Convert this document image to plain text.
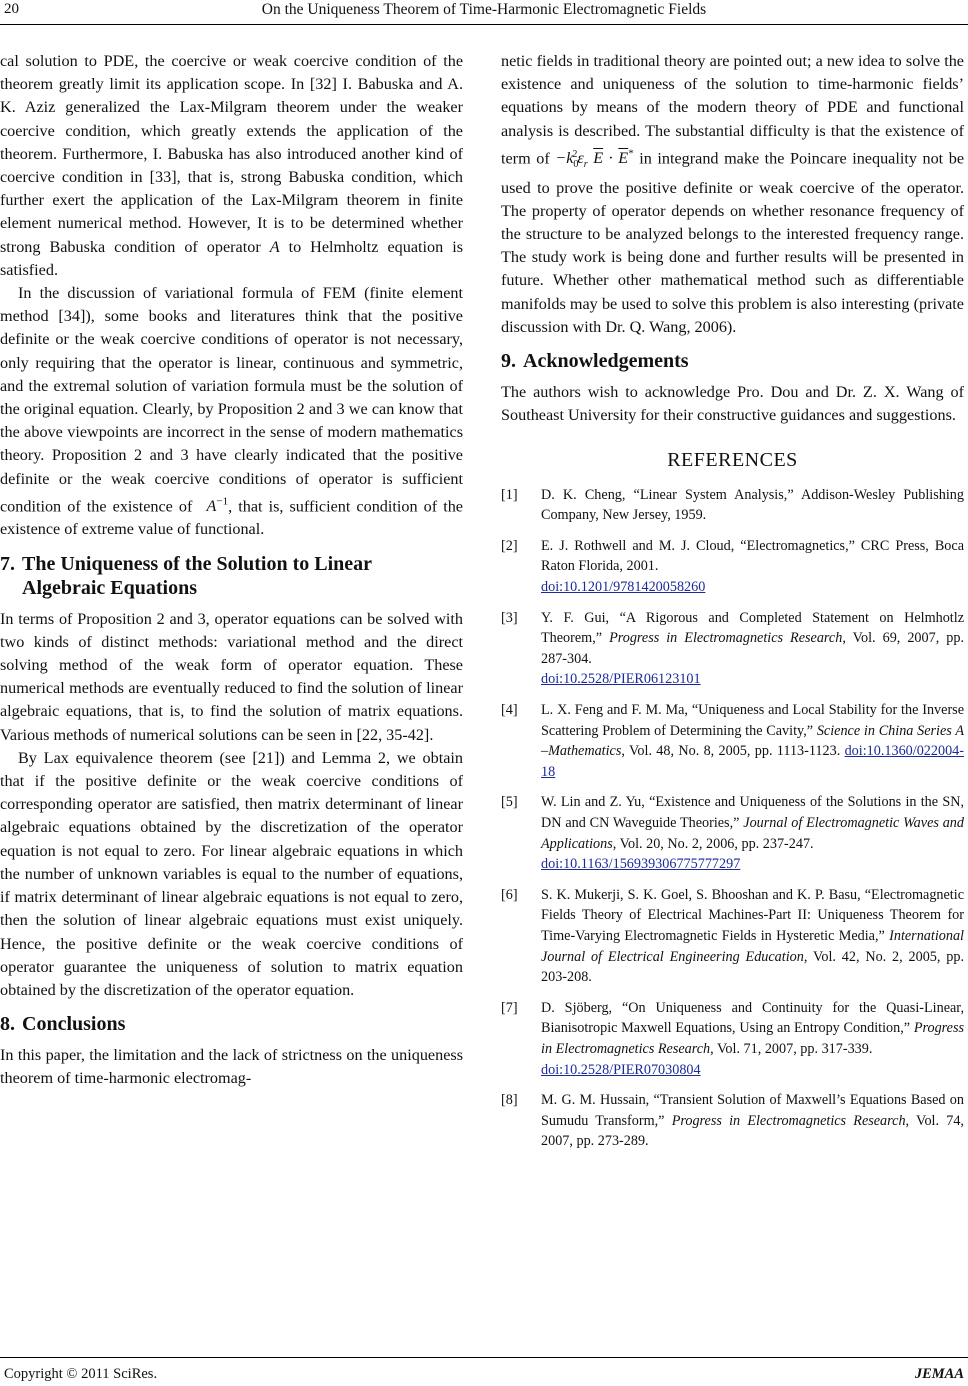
20	On the Uniqueness Theorem of Time-Harmonic Electromagnetic Fields

cal solution to PDE, the coercive or weak coercive condition of the theorem greatly limit its application scope. In [32] I. Babuska and A. K. Aziz generalized the Lax-Milgram theorem under the weaker coercive condition, which greatly extends the application of the theorem. Furthermore, I. Babuska has also introduced another kind of coercive condition in [33], that is, strong Babuska condition, which further exert the application of the Lax-Milgram theorem in finite element numerical method. However, It is to be determined whether strong Babuska condition of operator A to Helmholtz equation is satisfied.

In the discussion of variational formula of FEM (finite element method [34]), some books and literatures think that the positive definite or the weak coercive conditions of operator is not necessary, only requiring that the operator is linear, continuous and symmetric, and the extremal solution of variation formula must be the solution of the original equation. Clearly, by Proposition 2 and 3 we can know that the above viewpoints are incorrect in the sense of modern mathematics theory. Proposition 2 and 3 have clearly indicated that the positive definite or the weak coercive conditions of operator is sufficient condition of the existence of $A^{-1}$, that is, sufficient condition of the existence of extreme value of functional.

7. The Uniqueness of the Solution to Linear
Algebraic Equations

In terms of Proposition 2 and 3, operator equations can be solved with two kinds of distinct methods: variational method and the direct solving method of the weak form of operator equation. These numerical methods are eventually reduced to find the solution of linear algebraic equations, that is, to find the solution of matrix equations. Various methods of numerical solutions can be seen in [22, 35-42].

By Lax equivalence theorem (see [21]) and Lemma 2, we obtain that if the positive definite or the weak coercive conditions of corresponding operator are satisfied, then matrix determinant of linear algebraic equations obtained by the discretization of the operator equation is not equal to zero. For linear algebraic equations in which the number of unknown variables is equal to the number of equations, if matrix determinant of linear algebraic equations is not equal to zero, then the solution of linear algebraic equations must exist uniquely. Hence, the positive definite or the weak coercive conditions of operator guarantee the uniqueness of solution to matrix equation obtained by the discretization of the operator equation.

8. Conclusions

In this paper, the limitation and the lack of strictness on the uniqueness theorem of time-harmonic electromag-

netic fields in traditional theory are pointed out; a new idea to solve the existence and uniqueness of the solution to time-harmonic fields’ equations by means of the modern theory of PDE and functional analysis is described. The substantial difficulty is that the existence of term of $-k_0^2\varepsilon_r$ $\overline{E} \cdot \overline{E}^*$ in integrand make the Poincare inequality not be used to prove the positive definite or weak coercive of the operator. The property of operator depends on whether resonance frequency of the structure to be analyzed belongs to the interested frequency range. The study work is being done and further results will be presented in future. Whether other mathematical method such as differentiable manifolds may be used to solve this problem is also interesting (private discussion with Dr. Q. Wang, 2006).

9. Acknowledgements

The authors wish to acknowledge Pro. Dou and Dr. Z. X. Wang of Southeast University for their constructive guidances and suggestions.

REFERENCES
[1]	D. K. Cheng, “Linear System Analysis,” Addison-Wesley Publishing Company, New Jersey, 1959.
[2]	E. J. Rothwell and M. J. Cloud, “Electromagnetics,” CRC Press, Boca Raton Florida, 2001.
doi:10.1201/9781420058260
[3]	Y. F. Gui, “A Rigorous and Completed Statement on Helmhotlz Theorem,” Progress in Electromagnetics Research, Vol. 69, 2007, pp. 287-304.
doi:10.2528/PIER06123101
[4]	L. X. Feng and F. M. Ma, “Uniqueness and Local Stability for the Inverse Scattering Problem of Determining the Cavity,” Science in China Series A –Mathematics, Vol. 48, No. 8, 2005, pp. 1113-1123. doi:10.1360/022004-18
[5]	W. Lin and Z. Yu, “Existence and Uniqueness of the Solutions in the SN, DN and CN Waveguide Theories,” Journal of Electromagnetic Waves and Applications, Vol. 20, No. 2, 2006, pp. 237-247.
doi:10.1163/156939306775777297
[6]	S. K. Mukerji, S. K. Goel, S. Bhooshan and K. P. Basu, “Electromagnetic Fields Theory of Electrical Machines-Part II: Uniqueness Theorem for Time-Varying Electromagnetic Fields in Hysteretic Media,” International Journal of Electrical Engineering Education, Vol. 42, No. 2, 2005, pp. 203-208.
[7]	D. Sjöberg, “On Uniqueness and Continuity for the Quasi-Linear, Bianisotropic Maxwell Equations, Using an Entropy Condition,” Progress in Electromagnetics Research, Vol. 71, 2007, pp. 317-339.
doi:10.2528/PIER07030804
[8]	M. G. M. Hussain, “Transient Solution of Maxwell’s Equations Based on Sumudu Transform,” Progress in Electromagnetics Research, Vol. 74, 2007, pp. 273-289.
Copyright © 2011 SciRes.	JEMAA
